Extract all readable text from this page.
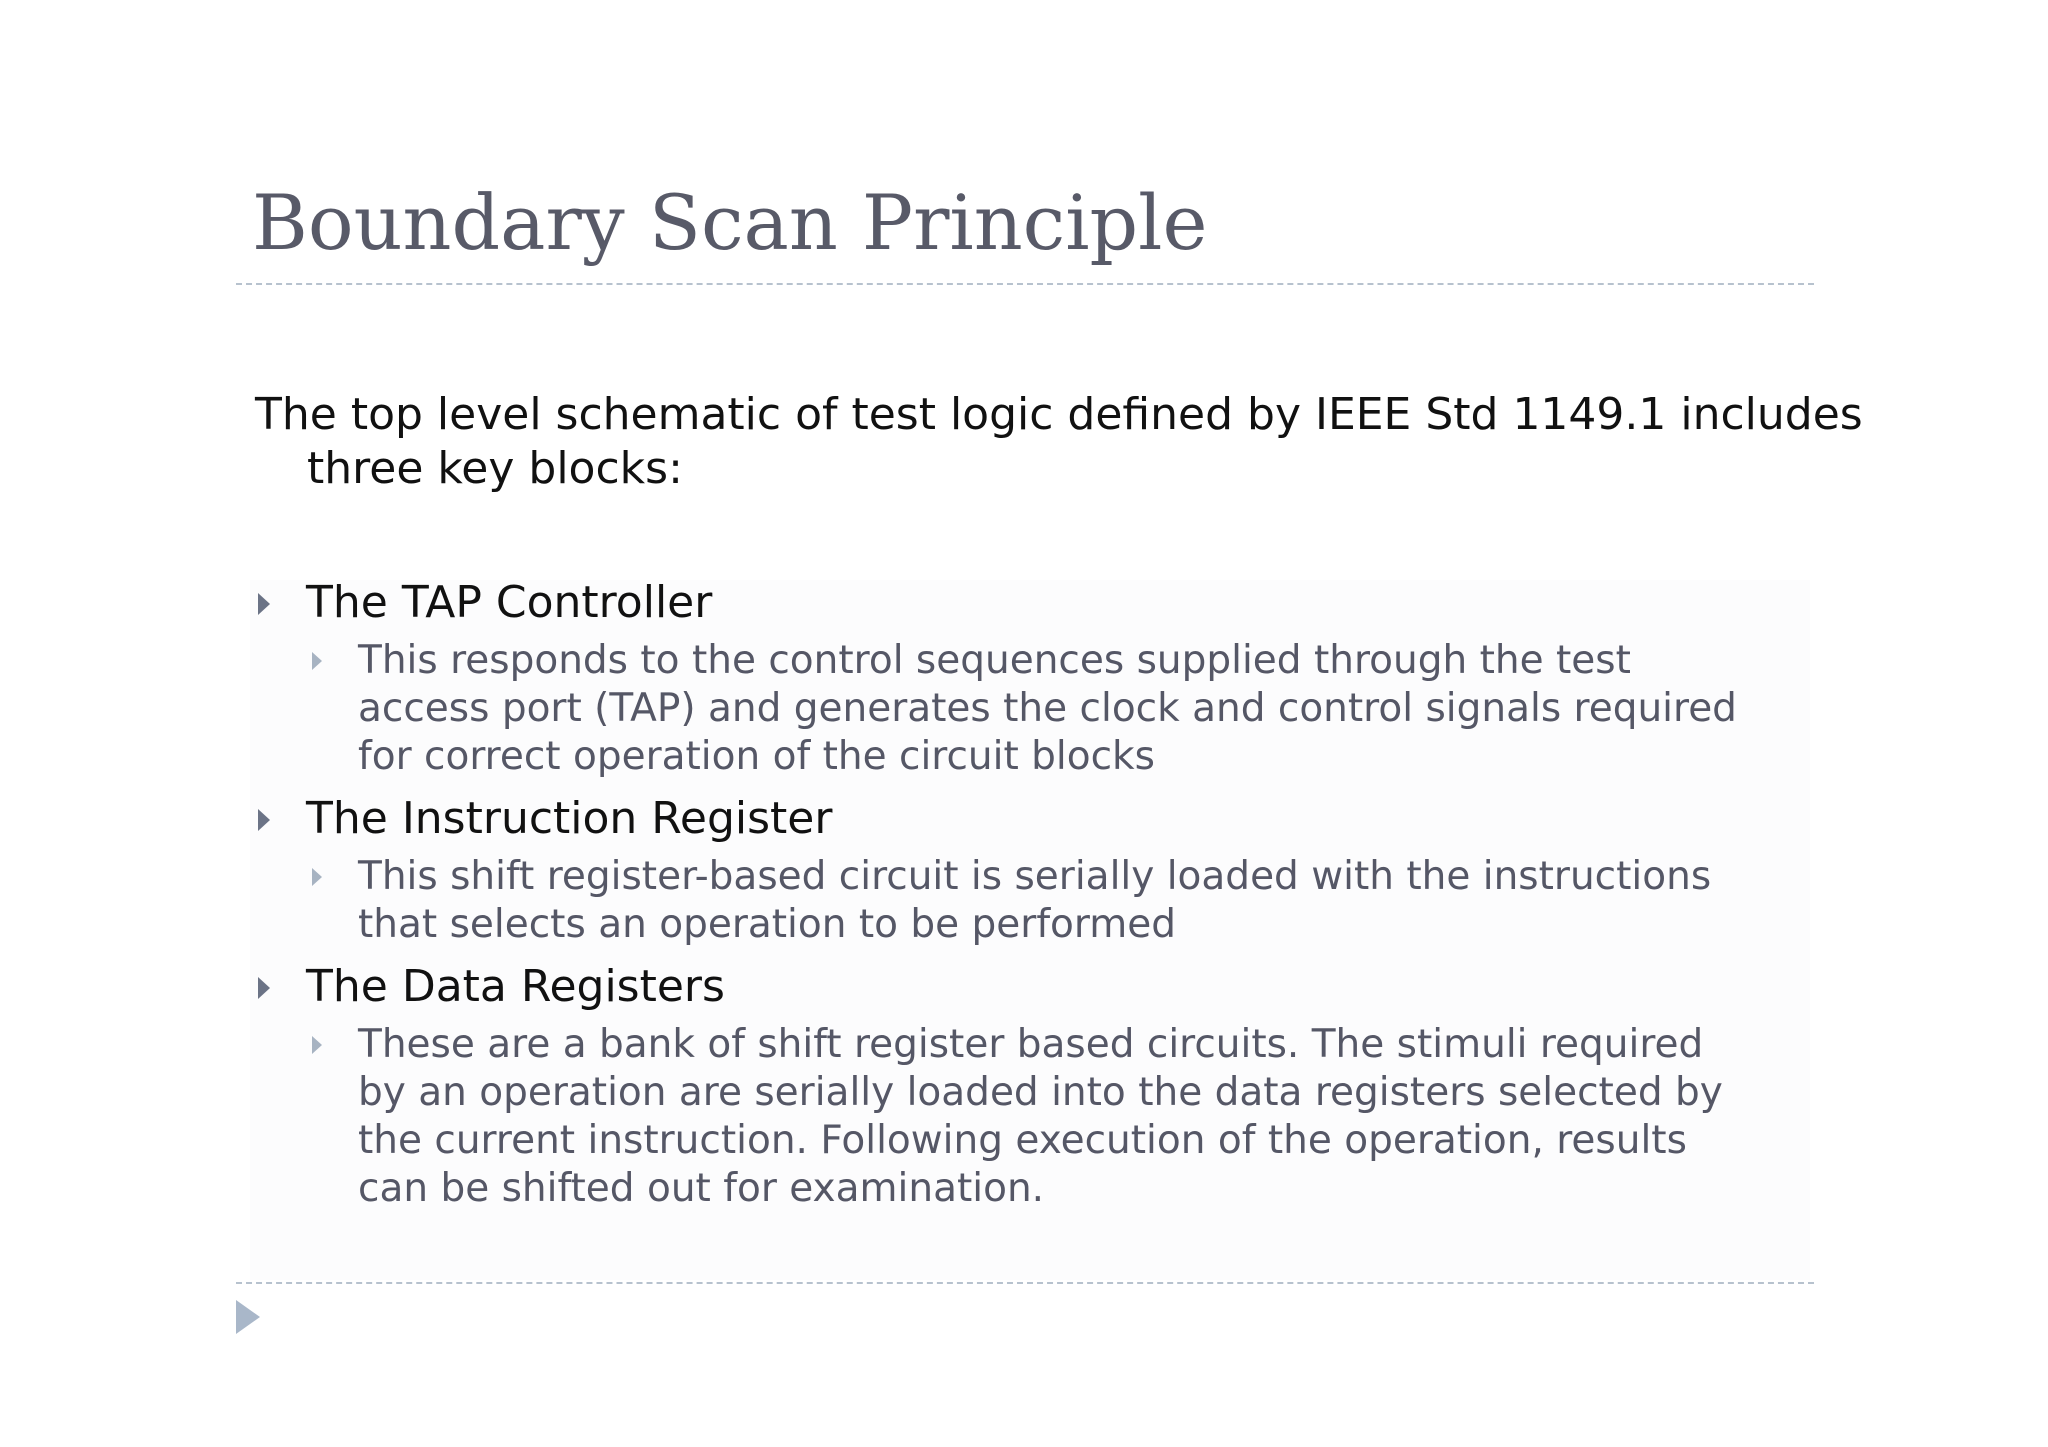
Boundary Scan Principle

The top level schematic of test logic defined by IEEE Std 1149.1 includes three key blocks:

The TAP Controller
This responds to the control sequences supplied through the test access port (TAP) and generates the clock and control signals required for correct operation of the circuit blocks
The Instruction Register
This shift register-based circuit is serially loaded with the instructions that selects an operation to be performed
The Data Registers
These are a bank of shift register based circuits. The stimuli required by an operation are serially loaded into the data registers selected by the current instruction. Following execution of the operation, results can be shifted out for examination.
